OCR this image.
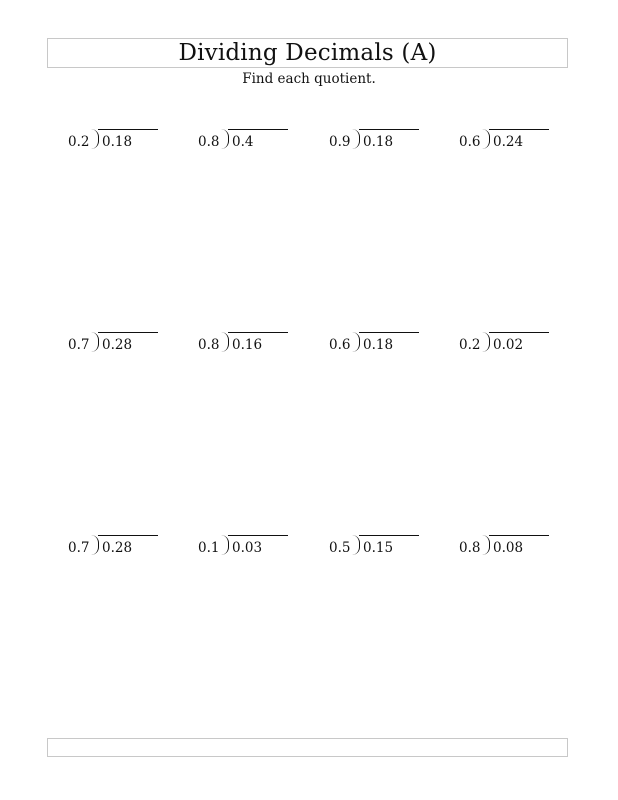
Dividing Decimals (A)
Find each quotient.
0.2 0.18	0.8 0.4	0.9 0.18	0.6 0.24
0.7 0.28	0.8 0.16	0.6 0.18	0.2 0.02
0.7 0.28	0.1 0.03	0.5 0.15	0.8 0.08
